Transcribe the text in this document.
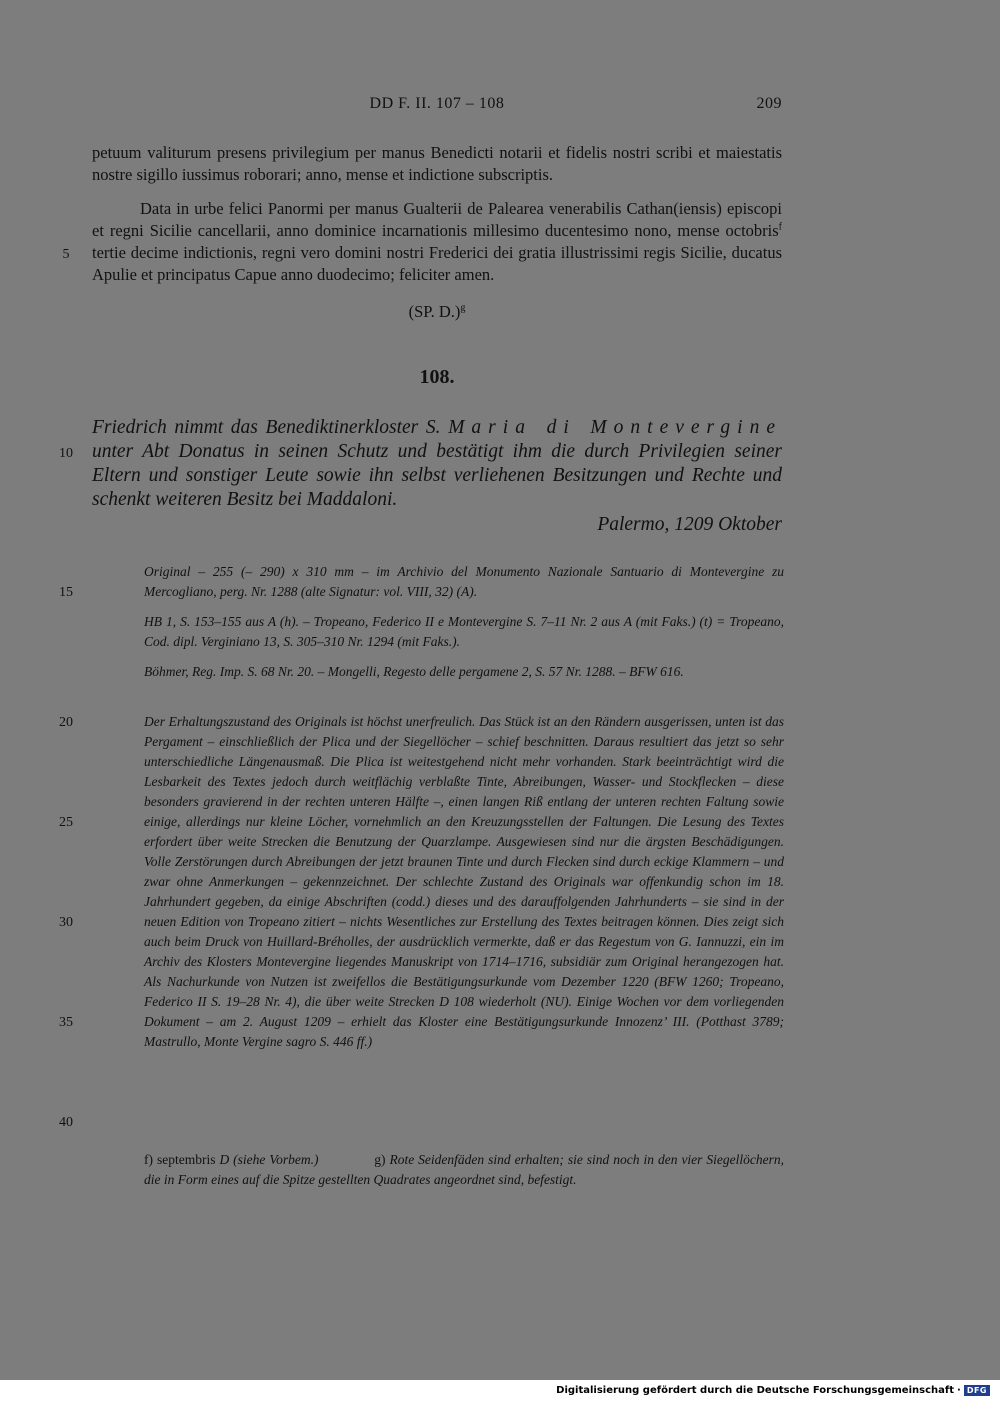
DD F. II. 107 – 108	209
petuum valiturum presens privilegium per manus Benedicti notarii et fidelis nostri scribi et maiestatis nostre sigillo iussimus roborari; anno, mense et indictione subscriptis.
Data in urbe felici Panormi per manus Gualterii de Palearea venerabilis Cathan(iensis) episcopi et regni Sicilie cancellarii, anno dominice incarnationis millesimo ducentesimo nono, mense octobris$^f$ tertie decime indictionis, regni vero domini nostri Frederici dei gratia illustrissimi regis Sicilie, ducatus Apulie et principatus Capue anno duodecimo; feliciter amen.
(SP. D.)$^g$
108.
Friedrich nimmt das Benediktinerkloster S. Maria di Montevergine unter Abt Donatus in seinen Schutz und bestätigt ihm die durch Privilegien seiner Eltern und sonstiger Leute sowie ihn selbst verliehenen Besitzungen und Rechte und schenkt weiteren Besitz bei Maddaloni.
Palermo, 1209 Oktober
Original – 255 (– 290) x 310 mm – im Archivio del Monumento Nazionale Santuario di Montevergine zu Mercogliano, perg. Nr. 1288 (alte Signatur: vol. VIII, 32) (A).
HB 1, S. 153–155 aus A (h). – Tropeano, Federico II e Montevergine S. 7–11 Nr. 2 aus A (mit Faks.) (t) = Tropeano, Cod. dipl. Verginiano 13, S. 305–310 Nr. 1294 (mit Faks.).
Böhmer, Reg. Imp. S. 68 Nr. 20. – Mongelli, Regesto delle pergamene 2, S. 57 Nr. 1288. – BFW 616.
Der Erhaltungszustand des Originals ist höchst unerfreulich. Das Stück ist an den Rändern ausgerissen, unten ist das Pergament – einschließlich der Plica und der Siegellöcher – schief beschnitten. Daraus resultiert das jetzt so sehr unterschiedliche Längenausmaß. Die Plica ist weitestgehend nicht mehr vorhanden. Stark beeinträchtigt wird die Lesbarkeit des Textes jedoch durch weitflächig verblaßte Tinte, Abreibungen, Wasser- und Stockflecken – diese besonders gravierend in der rechten unteren Hälfte –, einen langen Riß entlang der unteren rechten Faltung sowie einige, allerdings nur kleine Löcher, vornehmlich an den Kreuzungsstellen der Faltungen. Die Lesung des Textes erfordert über weite Strecken die Benutzung der Quarzlampe. Ausgewiesen sind nur die ärgsten Beschädigungen. Volle Zerstörungen durch Abreibungen der jetzt braunen Tinte und durch Flecken sind durch eckige Klammern – und zwar ohne Anmerkungen – gekennzeichnet. Der schlechte Zustand des Originals war offenkundig schon im 18. Jahrhundert gegeben, da einige Abschriften (codd.) dieses und des darauffolgenden Jahrhunderts – sie sind in der neuen Edition von Tropeano zitiert – nichts Wesentliches zur Erstellung des Textes beitragen können. Dies zeigt sich auch beim Druck von Huillard-Bréholles, der ausdrücklich vermerkte, daß er das Regestum von G. Iannuzzi, ein im Archiv des Klosters Montevergine liegendes Manuskript von 1714–1716, subsidiär zum Original herangezogen hat. Als Nachurkunde von Nutzen ist zweifellos die Bestätigungsurkunde vom Dezember 1220 (BFW 1260; Tropeano, Federico II S. 19–28 Nr. 4), die über weite Strecken D 108 wiederholt (NU). Einige Wochen vor dem vorliegenden Dokument – am 2. August 1209 – erhielt das Kloster eine Bestätigungsurkunde Innozenz’ III. (Potthast 3789; Mastrullo, Monte Vergine sagro S. 446 ff.)
f) septembris D (siehe Vorbem.)	g) Rote Seidenfäden sind erhalten; sie sind noch in den vier Siegellöchern, die in Form eines auf die Spitze gestellten Quadrates angeordnet sind, befestigt.
5
10
15
20
25
30
35
40
Digitalisierung gefördert durch die Deutsche Forschungsgemeinschaft · DFG
